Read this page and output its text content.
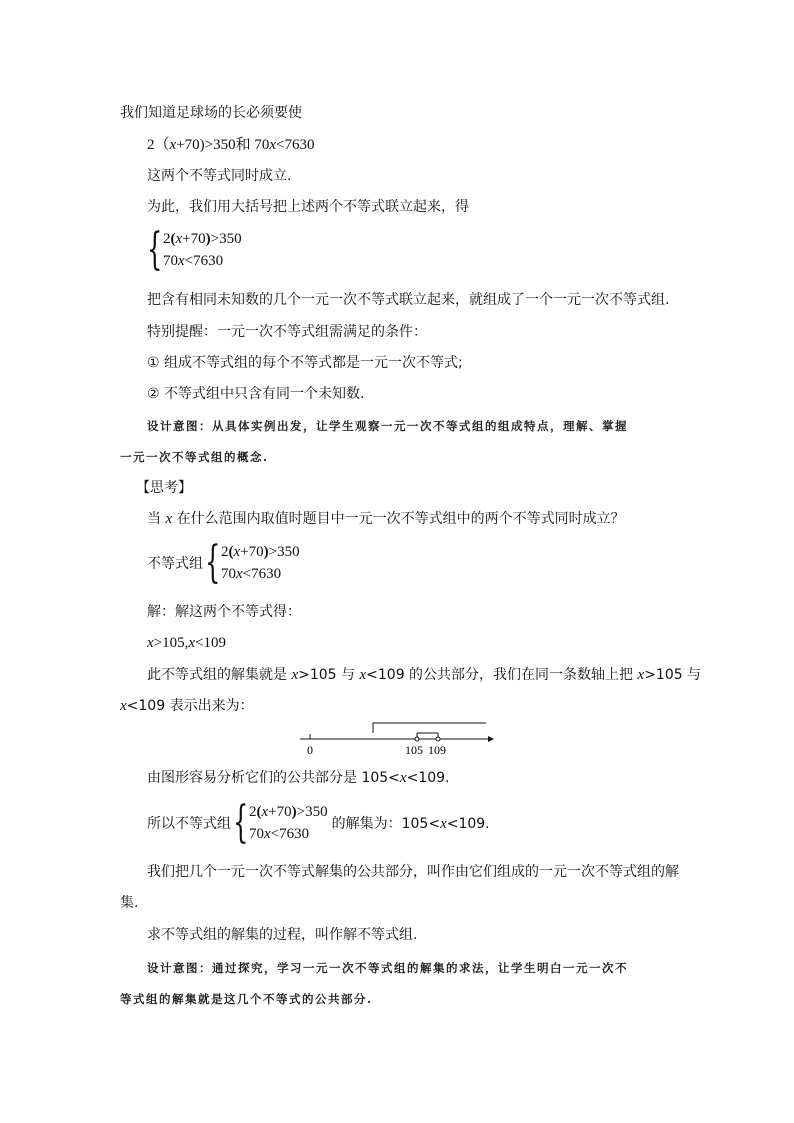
我们知道足球场的长必须要使
2（x+70)>350和 70x<7630
这两个不等式同时成立.
为此，我们用大括号把上述两个不等式联立起来，得
{ 2(x+70)>350
70x<7630
把含有相同未知数的几个一元一次不等式联立起来，就组成了一个一元一次不等式组.
特别提醒：一元一次不等式组需满足的条件：
① 组成不等式组的每个不等式都是一元一次不等式;
② 不等式组中只含有同一个未知数.
设计意图：从具体实例出发，让学生观察一元一次不等式组的组成特点，理解、掌握
一元一次不等式组的概念.
【思考】
当 x 在什么范围内取值时题目中一元一次不等式组中的两个不等式同时成立？
不等式组 { 2(x+70)>350
70x<7630
解：解这两个不等式得：
x>105,x<109
此不等式组的解集就是 x>105 与 x<109 的公共部分，我们在同一条数轴上把 x>105 与
x<109 表示出来为：
0	105 109
由图形容易分析它们的公共部分是 105<x<109.
所以不等式组 { 2(x+70)>350
70x<7630
的解集为：105<x<109.
我们把几个一元一次不等式解集的公共部分，叫作由它们组成的一元一次不等式组的解
集.
求不等式组的解集的过程，叫作解不等式组.
设计意图：通过探究，学习一元一次不等式组的解集的求法，让学生明白一元一次不
等式组的解集就是这几个不等式的公共部分.
